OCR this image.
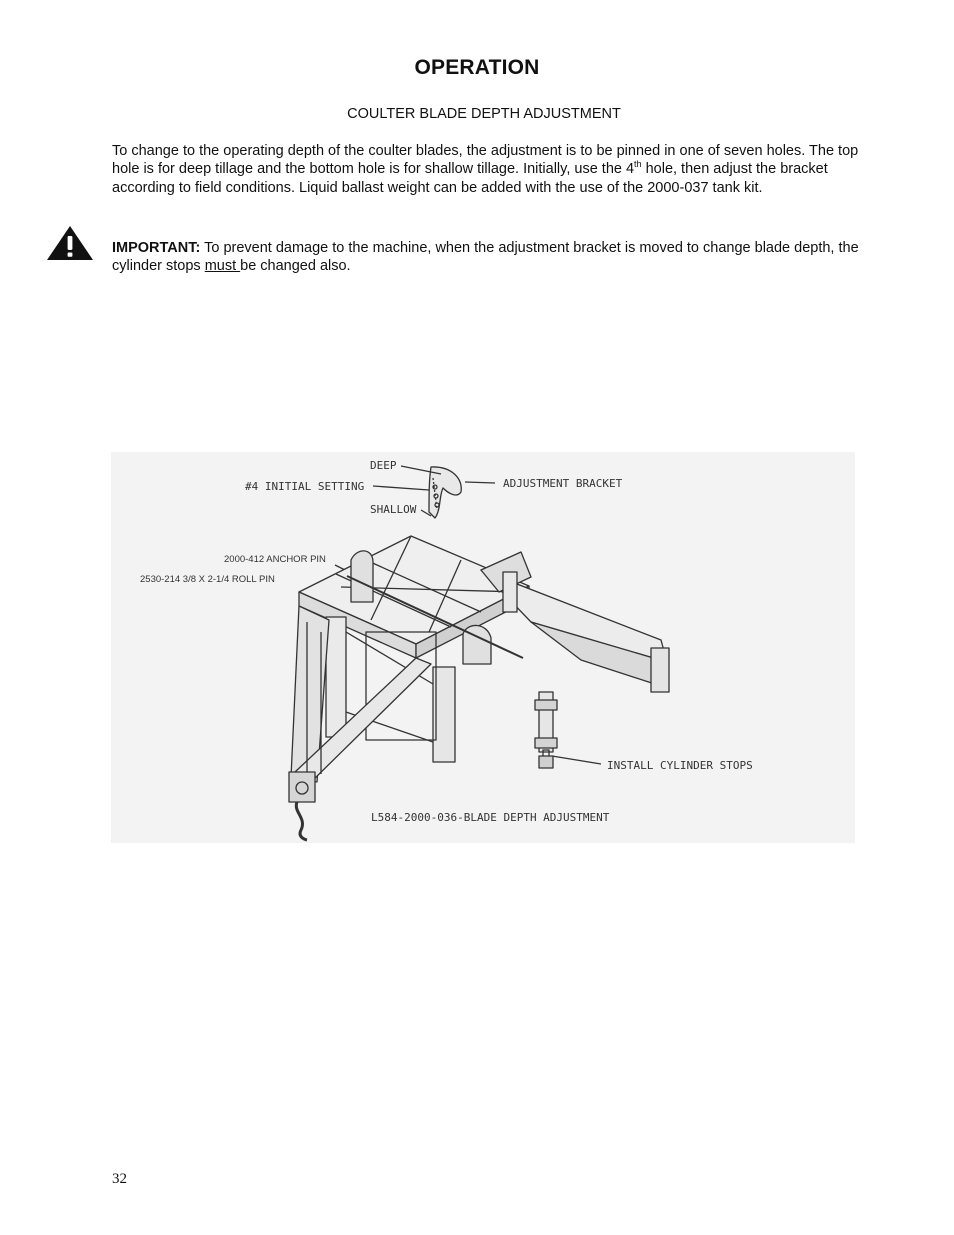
OPERATION
COULTER BLADE DEPTH ADJUSTMENT
To change to the operating depth of the coulter blades, the adjustment is to be pinned in one of seven holes. The top hole is for deep tillage and the bottom hole is for shallow tillage. Initially, use the 4th hole, then adjust the bracket according to field conditions. Liquid ballast weight can be added with the use of the 2000-037 tank kit.
IMPORTANT: To prevent damage to the machine, when the adjustment bracket is moved to change blade depth, the cylinder stops must be changed also.
DEEP
#4 INITIAL SETTING	ADJUSTMENT BRACKET
SHALLOW
2000-412 ANCHOR PIN
2530-214 3/8 X 2-1/4 ROLL PIN
INSTALL CYLINDER STOPS
L584-2000-036-BLADE DEPTH ADJUSTMENT
32
